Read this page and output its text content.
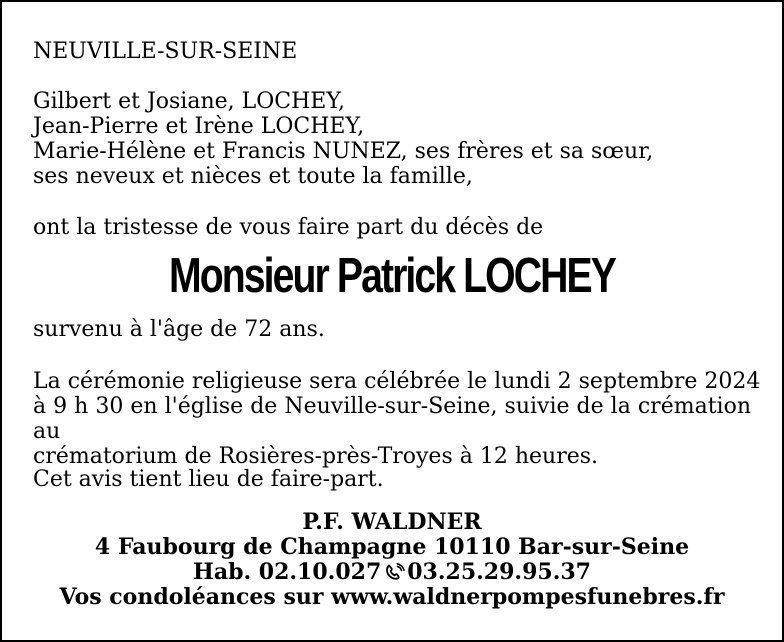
NEUVILLE-SUR-SEINE
Gilbert et Josiane, LOCHEY,
Jean-Pierre et Irène LOCHEY,
Marie-Hélène et Francis NUNEZ, ses frères et sa sœur,
ses neveux et nièces et toute la famille,
ont la tristesse de vous faire part du décès de
Monsieur Patrick LOCHEY
survenu à l'âge de 72 ans.
La cérémonie religieuse sera célébrée le lundi 2 septembre 2024
à 9 h 30 en l'église de Neuville-sur-Seine, suivie de la crémation au
crématorium de Rosières-près-Troyes à 12 heures.
Cet avis tient lieu de faire-part.
P.F. WALDNER
4 Faubourg de Champagne 10110 Bar-sur-Seine
Hab. 02.10.027 03.25.29.95.37
Vos condoléances sur www.waldnerpompesfunebres.fr
